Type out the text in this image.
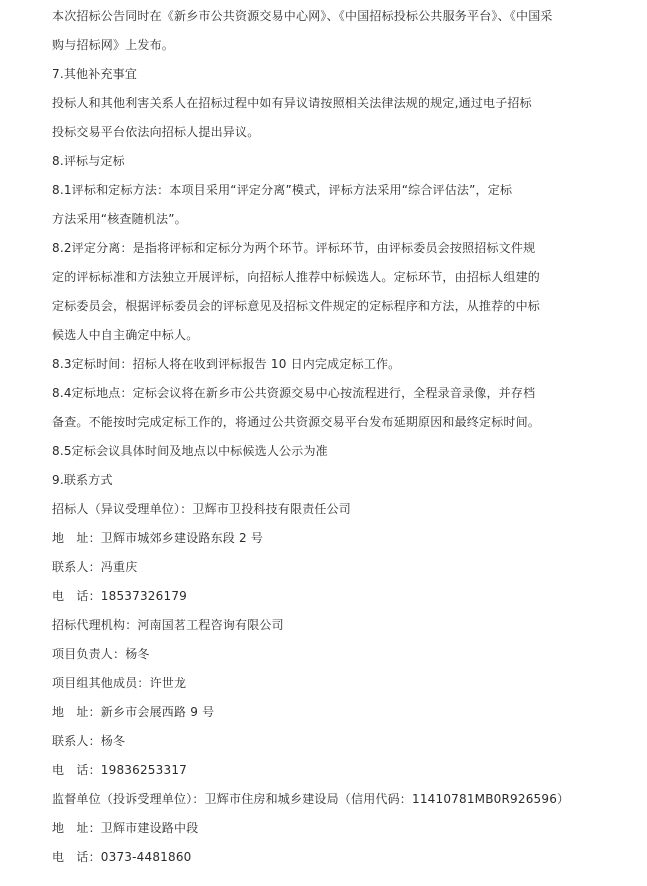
本次招标公告同时在《新乡市公共资源交易中心网》、《中国招标投标公共服务平台》、《中国采
购与招标网》上发布。
7.其他补充事宜
投标人和其他利害关系人在招标过程中如有异议请按照相关法律法规的规定,通过电子招标
投标交易平台依法向招标人提出异议。
8.评标与定标
8.1评标和定标方法：本项目采用“评定分离”模式，评标方法采用“综合评估法”，定标
方法采用“核查随机法”。
8.2评定分离：是指将评标和定标分为两个环节。评标环节，由评标委员会按照招标文件规
定的评标标准和方法独立开展评标，向招标人推荐中标候选人。定标环节，由招标人组建的
定标委员会，根据评标委员会的评标意见及招标文件规定的定标程序和方法，从推荐的中标
候选人中自主确定中标人。
8.3定标时间：招标人将在收到评标报告 10 日内完成定标工作。
8.4定标地点：定标会议将在新乡市公共资源交易中心按流程进行，全程录音录像，并存档
备查。不能按时完成定标工作的，将通过公共资源交易平台发布延期原因和最终定标时间。
8.5定标会议具体时间及地点以中标候选人公示为准
9.联系方式
招标人（异议受理单位）：卫辉市卫投科技有限责任公司
地　址：卫辉市城郊乡建设路东段 2 号
联系人：冯重庆
电　话：18537326179
招标代理机构：河南国茗工程咨询有限公司
项目负责人：杨冬
项目组其他成员：许世龙
地　址：新乡市会展西路 9 号
联系人：杨冬
电　话：19836253317
监督单位（投诉受理单位）：卫辉市住房和城乡建设局（信用代码：11410781MB0R926596）
地　址：卫辉市建设路中段
电　话：0373-4481860
